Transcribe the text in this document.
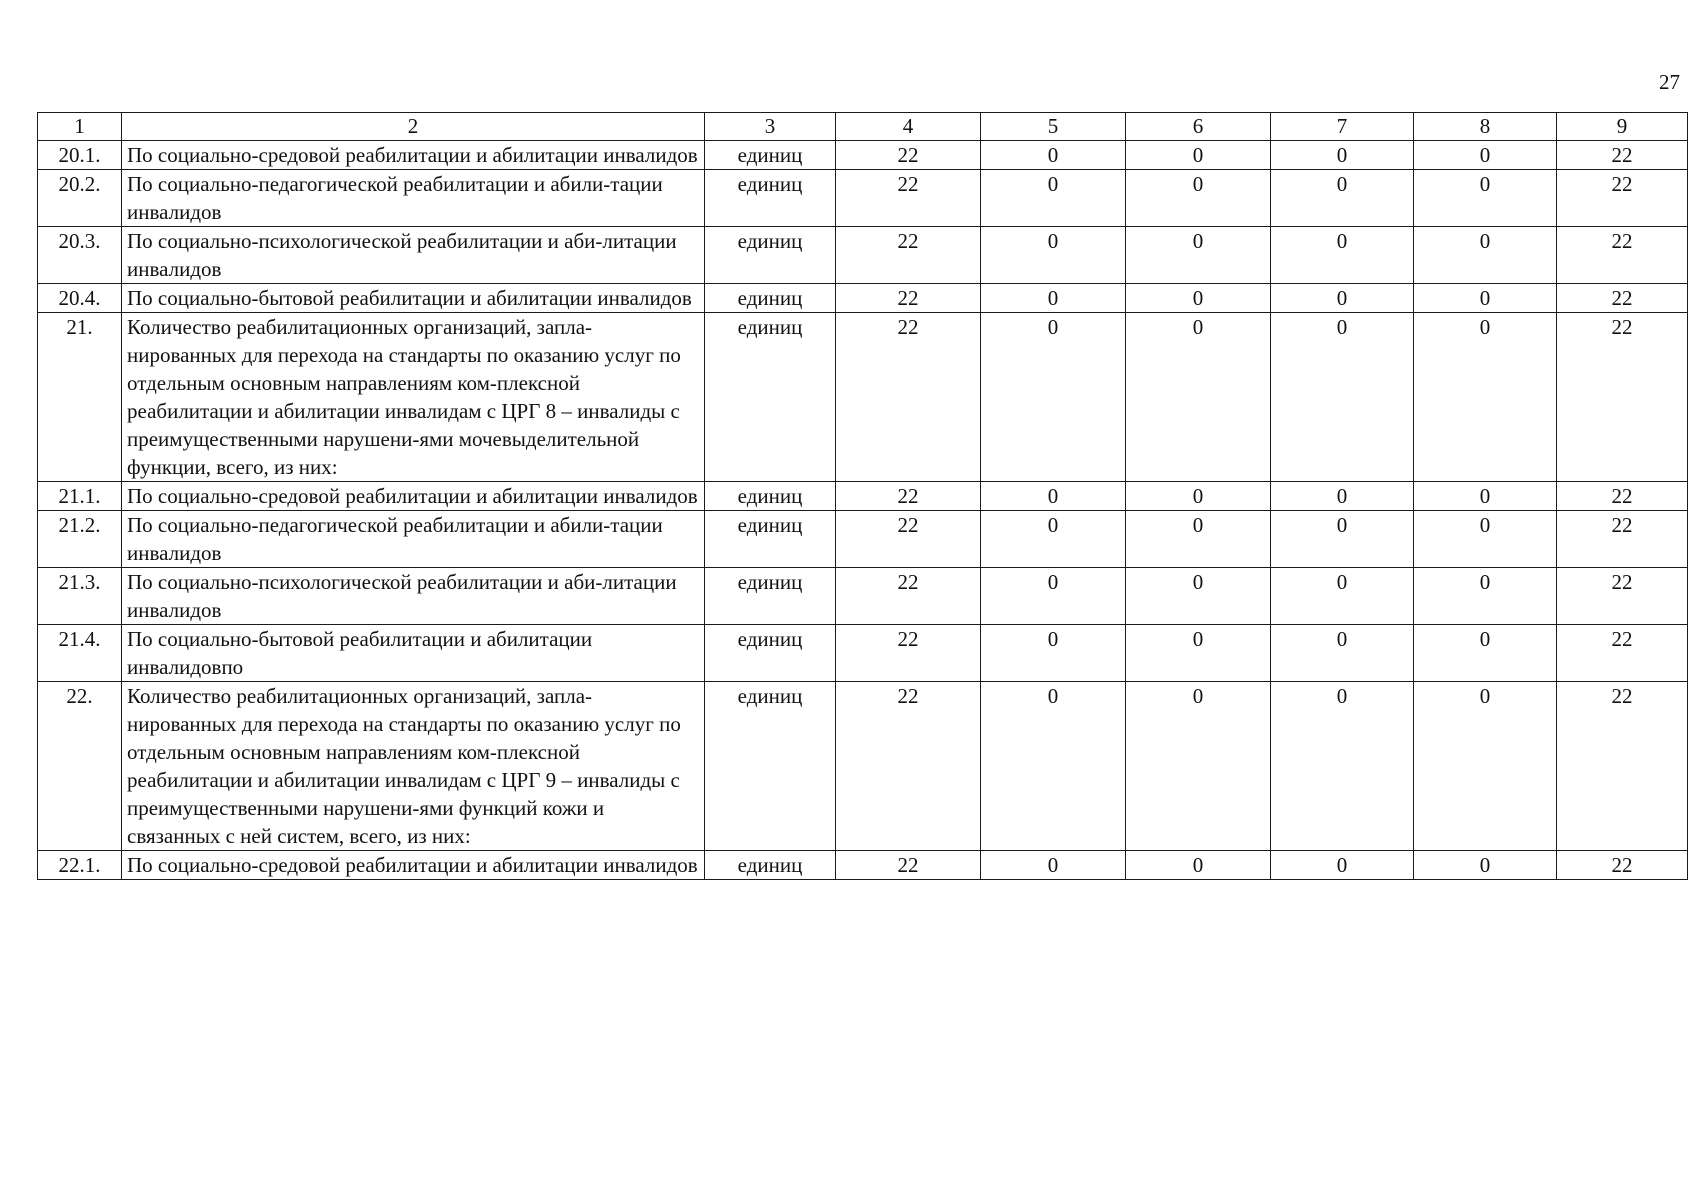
27
1	2	3	4	5	6	7	8	9
20.1.	По социально-средовой реабилитации и абилитации инвалидов	единиц	22	0	0	0	0	22
20.2.	По социально-педагогической реабилитации и абили-тации инвалидов	единиц	22	0	0	0	0	22
20.3.	По социально-психологической реабилитации и аби-литации инвалидов	единиц	22	0	0	0	0	22
20.4.	По социально-бытовой реабилитации и абилитации инвалидов	единиц	22	0	0	0	0	22
21.	Количество реабилитационных организаций, запла-нированных для перехода на стандарты по оказанию услуг по отдельным основным направлениям ком-плексной реабилитации и абилитации инвалидам с ЦРГ 8 – инвалиды с преимущественными нарушени-ями мочевыделительной функции, всего, из них:	единиц	22	0	0	0	0	22
21.1.	По социально-средовой реабилитации и абилитации инвалидов	единиц	22	0	0	0	0	22
21.2.	По социально-педагогической реабилитации и абили-тации инвалидов	единиц	22	0	0	0	0	22
21.3.	По социально-психологической реабилитации и аби-литации инвалидов	единиц	22	0	0	0	0	22
21.4.	По социально-бытовой реабилитации и абилитации инвалидовпо	единиц	22	0	0	0	0	22
22.	Количество реабилитационных организаций, запла-нированных для перехода на стандарты по оказанию услуг по отдельным основным направлениям ком-плексной реабилитации и абилитации инвалидам с ЦРГ 9 – инвалиды с преимущественными нарушени-ями функций кожи и связанных с ней систем, всего, из них:	единиц	22	0	0	0	0	22
22.1.	По социально-средовой реабилитации и абилитации инвалидов	единиц	22	0	0	0	0	22
